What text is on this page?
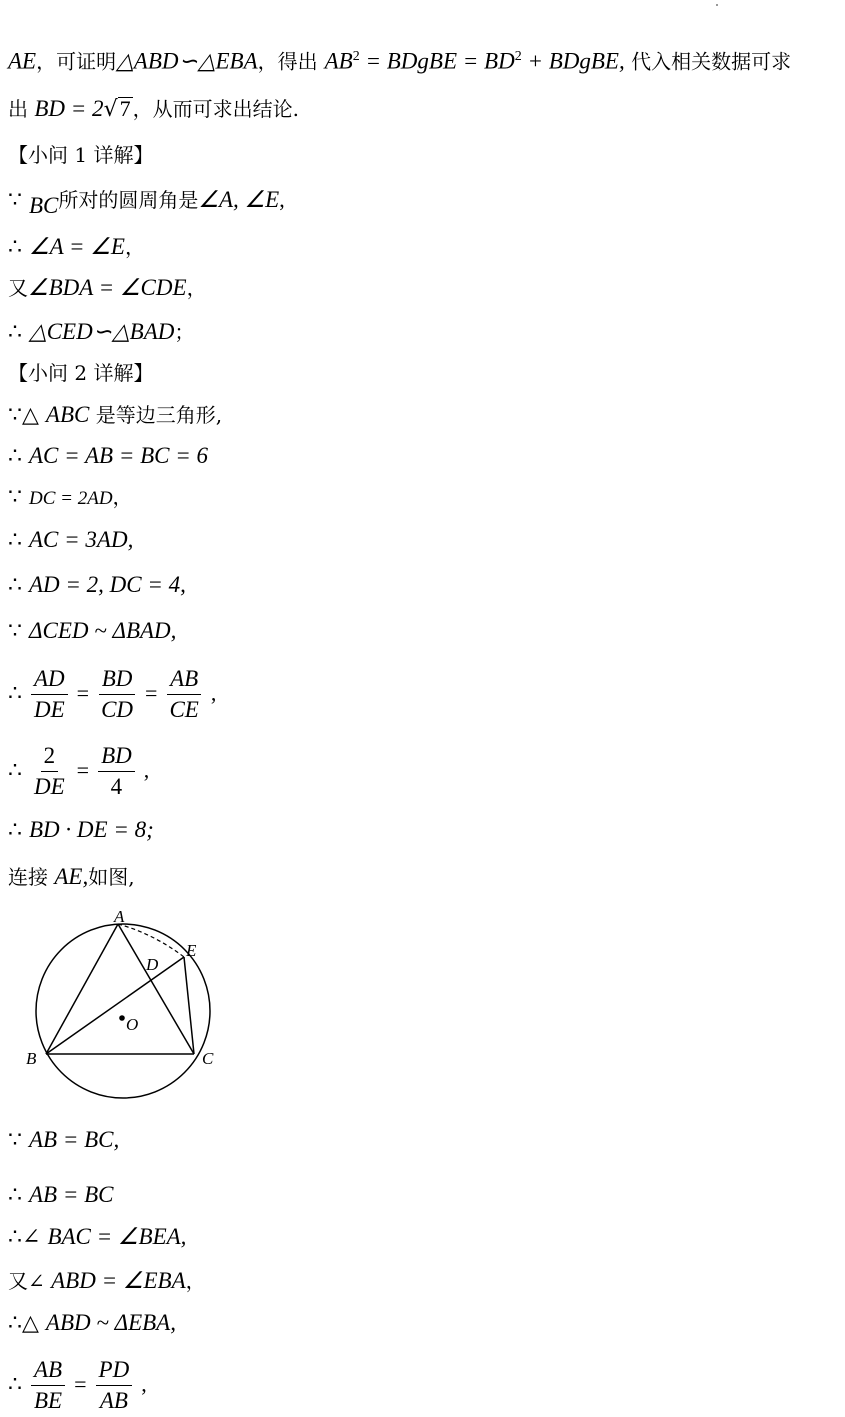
AE，可证明△ABD∽△EBA，得出 $AB^2$ = BDgBE = $BD^2$ + BDgBE, 代入相关数据可求
出 BD = 2√7 ，从而可求出结论.
【小问 1 详解】
∵ BC所对的圆周角是∠A, ∠E,
∴ ∠A = ∠E，
又∠BDA = ∠CDE，
∴ △CED∽△BAD；
【小问 2 详解】
∵△ ABC 是等边三角形,
∴ AC = AB = BC = 6
∵ DC = 2AD，
∴ AC = 3AD,
∴ AD = 2, DC = 4,
∵ ΔCED ~ ΔBAD,
∴ $\frac{AD}{DE} = \frac{BD}{CD} = \frac{AB}{CE}$ ,
∴ $\frac{2}{DE} = \frac{BD}{4}$ ,
∴ BD · DE = 8;
连接 AE,如图,
A
B	C
D
E
O
∵ AB = BC,
∴ AB = BC
∴∠ BAC = ∠BEA,
又∠ ABD = ∠EBA，
∴△ ABD ~ ΔEBA,
∴ $\frac{AB}{BE} = \frac{PD}{AB}$ ,
